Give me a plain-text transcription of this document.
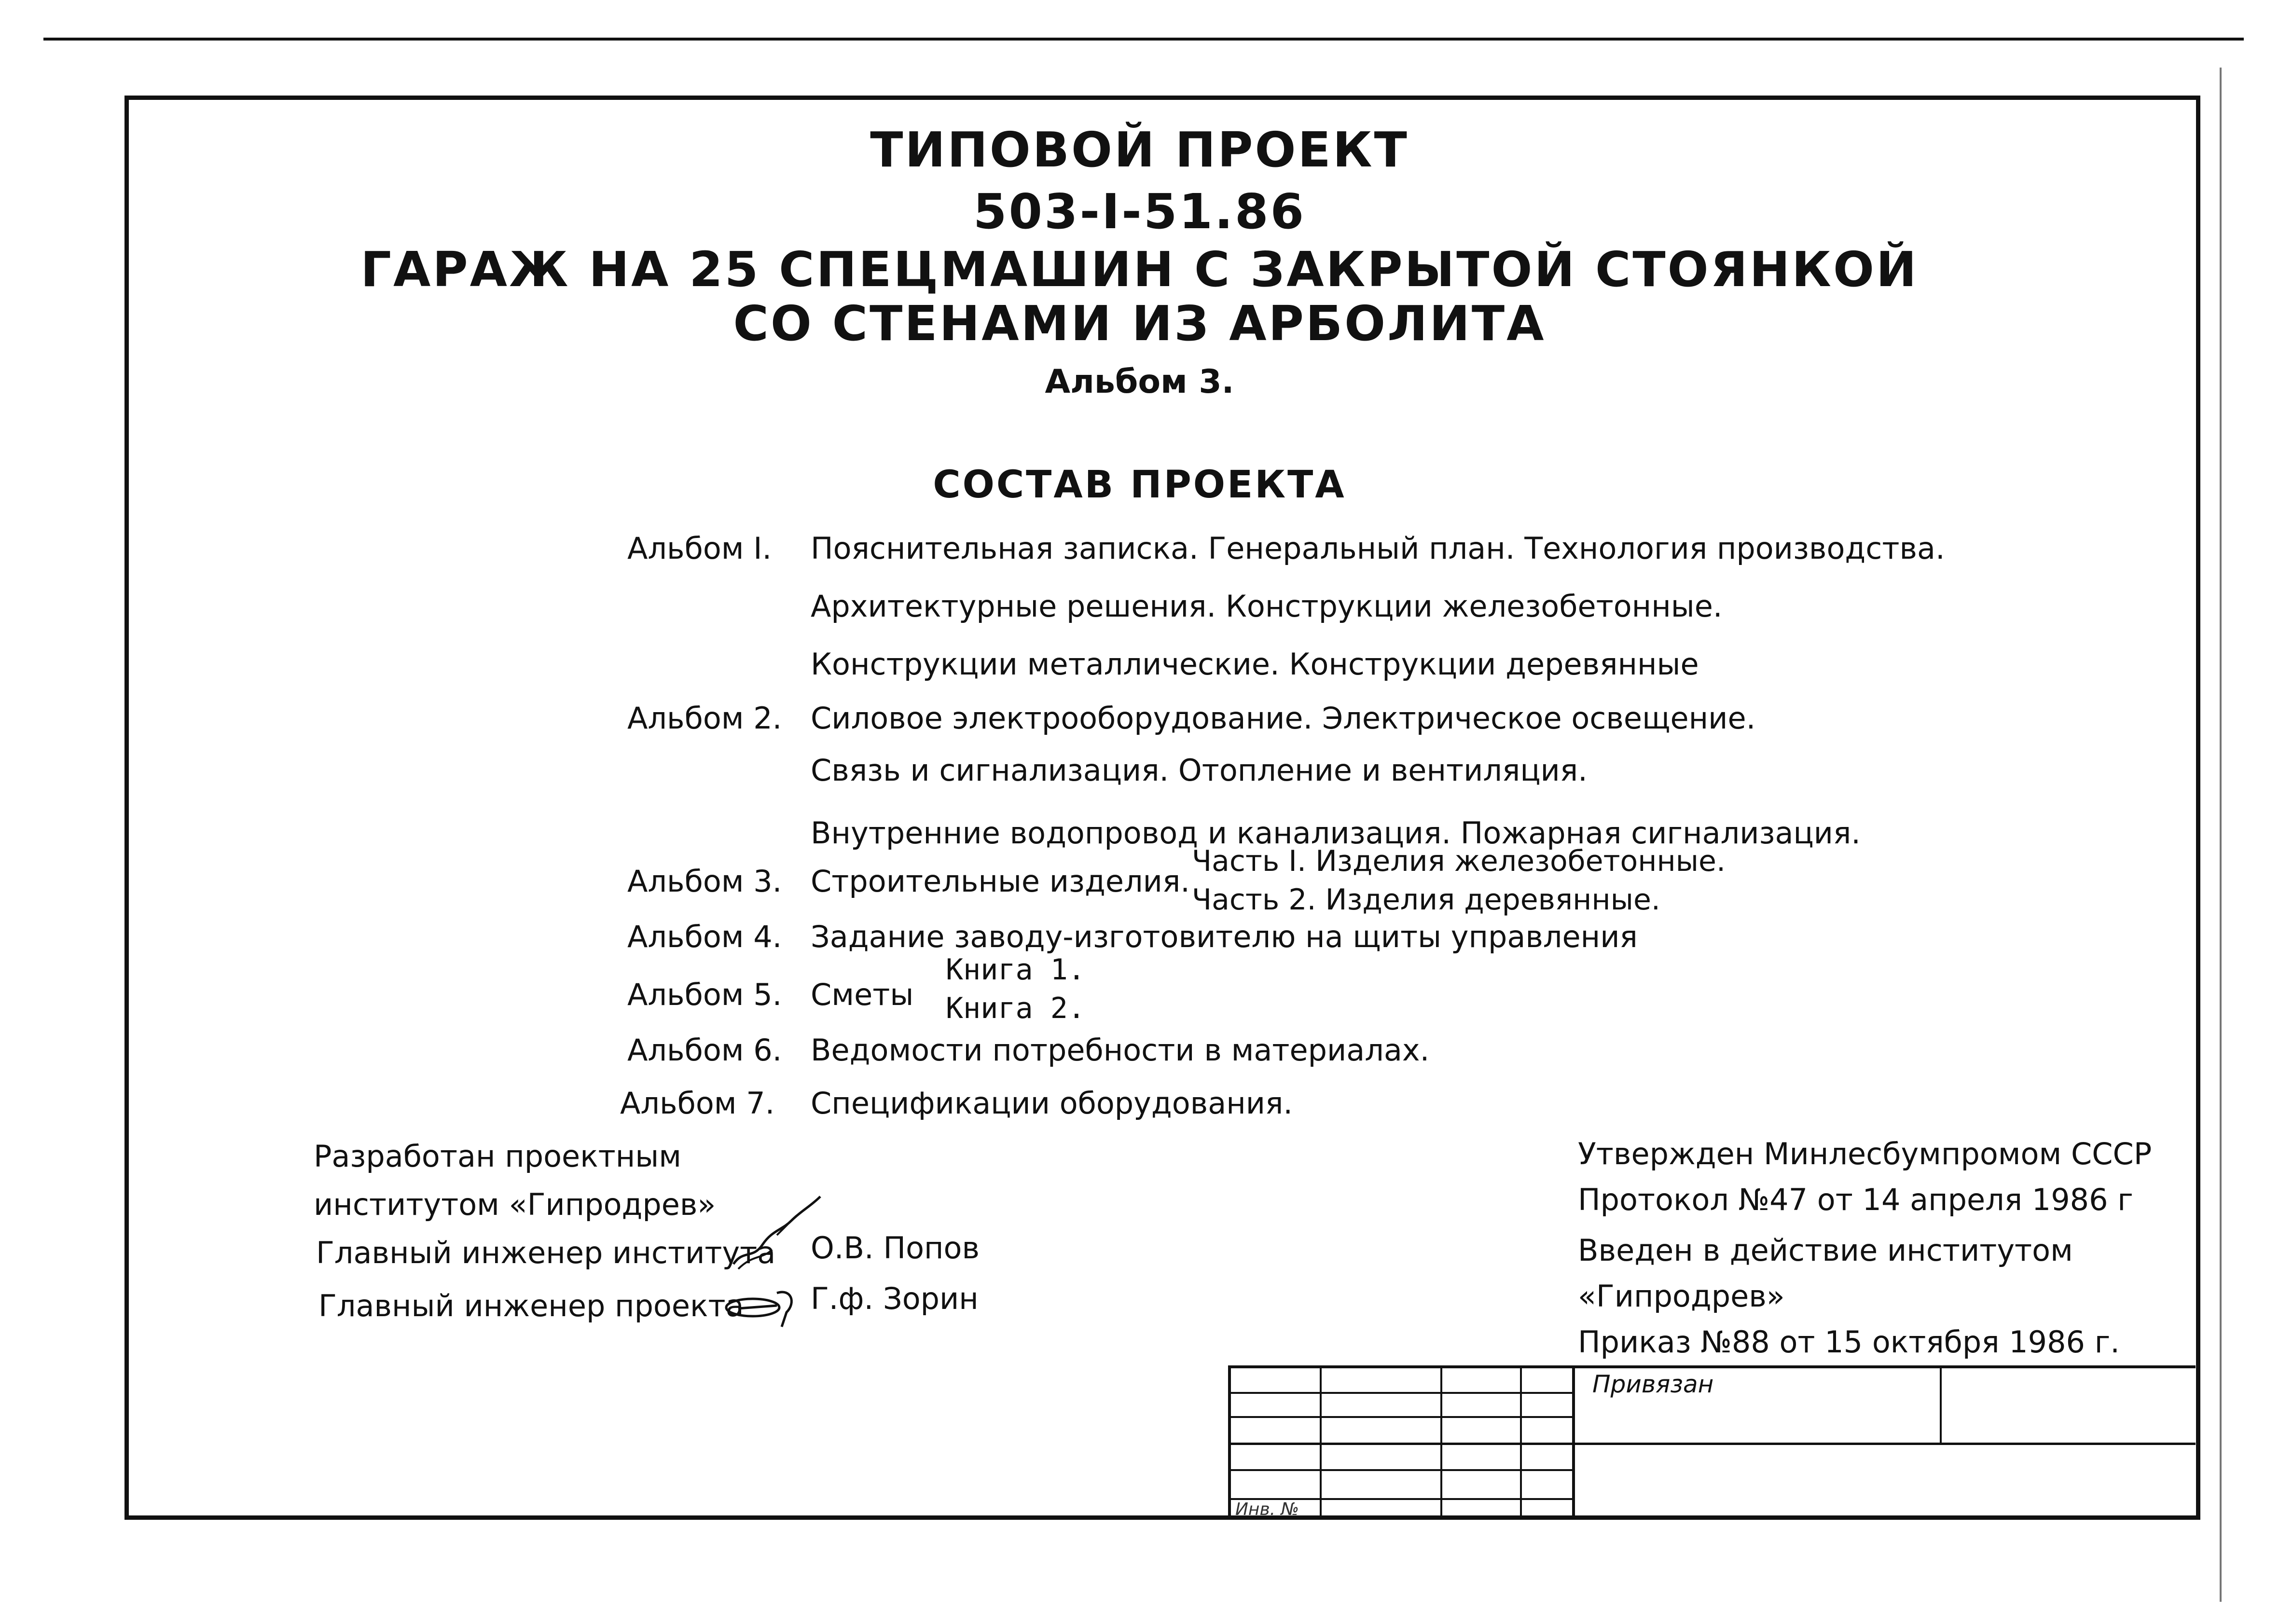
ТИПОВОЙ ПРОЕКТ
503-I-51.86
ГАРАЖ НА 25 СПЕЦМАШИН С ЗАКРЫТОЙ СТОЯНКОЙ
СО СТЕНАМИ ИЗ АРБОЛИТА
Альбом 3.
СОСТАВ ПРОЕКТА
Альбом I. Пояснительная записка. Генеральный план. Технология производства.
Архитектурные решения. Конструкции железобетонные.
Конструкции металлические. Конструкции деревянные
Альбом 2. Силовое электрооборудование. Электрическое освещение.
Связь и сигнализация. Отопление и вентиляция.
Внутренние водопровод и канализация. Пожарная сигнализация.
Альбом 3. Строительные изделия.
Часть I. Изделия железобетонные.
Часть 2. Изделия деревянные.
Альбом 4. Задание заводу-изготовителю на щиты управления
Альбом 5. Сметы
Книга 1.
Книга 2.
Альбом 6. Ведомости потребности в материалах.
Альбом 7. Спецификации оборудования.
Разработан проектным
институтом «Гипродрев»
Главный инженер института О.В. Попов
Главный инженер проекта Г.ф. Зорин
Утвержден Минлесбумпромом СССР
Протокол №47 от 14 апреля 1986 г
Введен в действие институтом
«Гипродрев»
Приказ №88 от 15 октября 1986 г.
Привязан
Инв. №
